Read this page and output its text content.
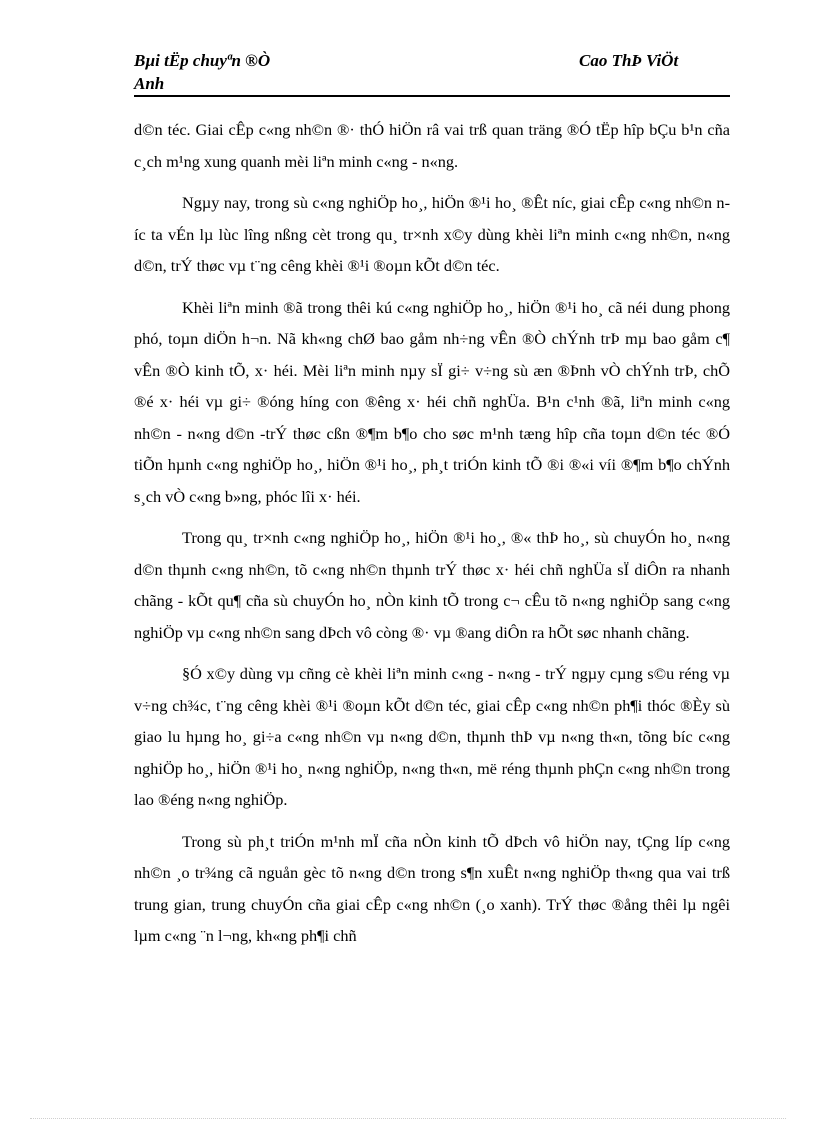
Bµi tËp chuyªn ®Ò
Anh
Cao ThÞ ViÖt

d©n téc. Giai cÊp c«ng nh©n ®· thÓ hiÖn râ vai trß quan träng ®Ó tËp hîp bÇu b¹n cña c¸ch m¹ng xung quanh mèi liªn minh c«ng - n«ng.

Ngµy nay, trong sù c«ng nghiÖp ho¸, hiÖn ®¹i ho¸ ®Êt níc, giai cÊp c«ng nh©n níc ta vÉn lµ lùc lîng nßng cèt trong qu¸ tr×nh x©y dùng khèi liªn minh c«ng nh©n, n«ng d©n, trÝ thøc vµ t¨ng cêng khèi ®¹i ®oµn kÕt d©n téc.

Khèi liªn minh ®ã trong thêi kú c«ng nghiÖp ho¸, hiÖn ®¹i ho¸ cã néi dung phong phó, toµn diÖn h¬n. Nã kh«ng chØ bao gåm nh÷ng vÊn ®Ò chÝnh trÞ mµ bao gåm c¶ vÊn ®Ò kinh tÕ, x· héi. Mèi liªn minh nµy sÏ gi÷ v÷ng sù æn ®Þnh vÒ chÝnh trÞ, chÕ ®é x· héi vµ gi÷ ®óng híng con ®êng x· héi chñ nghÜa. B¹n c¹nh ®ã, liªn minh c«ng nh©n - n«ng d©n -trÝ thøc cßn ®¶m b¶o cho søc m¹nh tæng hîp cña toµn d©n téc ®Ó tiÕn hµnh c«ng nghiÖp ho¸, hiÖn ®¹i ho¸, ph¸t triÓn kinh tÕ ®i ®«i víi ®¶m b¶o chÝnh s¸ch vÒ c«ng b»ng, phóc lîi x· héi.

Trong qu¸ tr×nh c«ng nghiÖp ho¸, hiÖn ®¹i ho¸, ®« thÞ ho¸, sù chuyÓn ho¸ n«ng d©n thµnh c«ng nh©n, tõ c«ng nh©n thµnh trÝ thøc x· héi chñ nghÜa sÏ diÔn ra nhanh chãng - kÕt qu¶ cña sù chuyÓn ho¸ nÒn kinh tÕ trong c¬ cÊu tõ n«ng nghiÖp sang c«ng nghiÖp vµ c«ng nh©n sang dÞch vô còng ®· vµ ®ang diÔn ra hÕt søc nhanh chãng.

§Ó x©y dùng vµ cñng cè khèi liªn minh c«ng - n«ng - trÝ ngµy cµng s©u réng vµ v÷ng ch¾c, t¨ng cêng khèi ®¹i ®oµn kÕt d©n téc, giai cÊp c«ng nh©n ph¶i thóc ®Èy sù giao lu hµng ho¸ gi÷a c«ng nh©n vµ n«ng d©n, thµnh thÞ vµ n«ng th«n, tõng bíc c«ng nghiÖp ho¸, hiÖn ®¹i ho¸ n«ng nghiÖp, n«ng th«n, më réng thµnh phÇn c«ng nh©n trong lao ®éng n«ng nghiÖp.

Trong sù ph¸t triÓn m¹nh mÏ cña nÒn kinh tÕ dÞch vô hiÖn nay, tÇng líp c«ng nh©n ¸o tr¾ng cã nguån gèc tõ n«ng d©n trong s¶n xuÊt n«ng nghiÖp th«ng qua vai trß trung gian, trung chuyÓn cña giai cÊp c«ng nh©n (¸o xanh). TrÝ thøc ®ång thêi lµ ngêi lµm c«ng ¨n l¬ng, kh«ng ph¶i chñ
